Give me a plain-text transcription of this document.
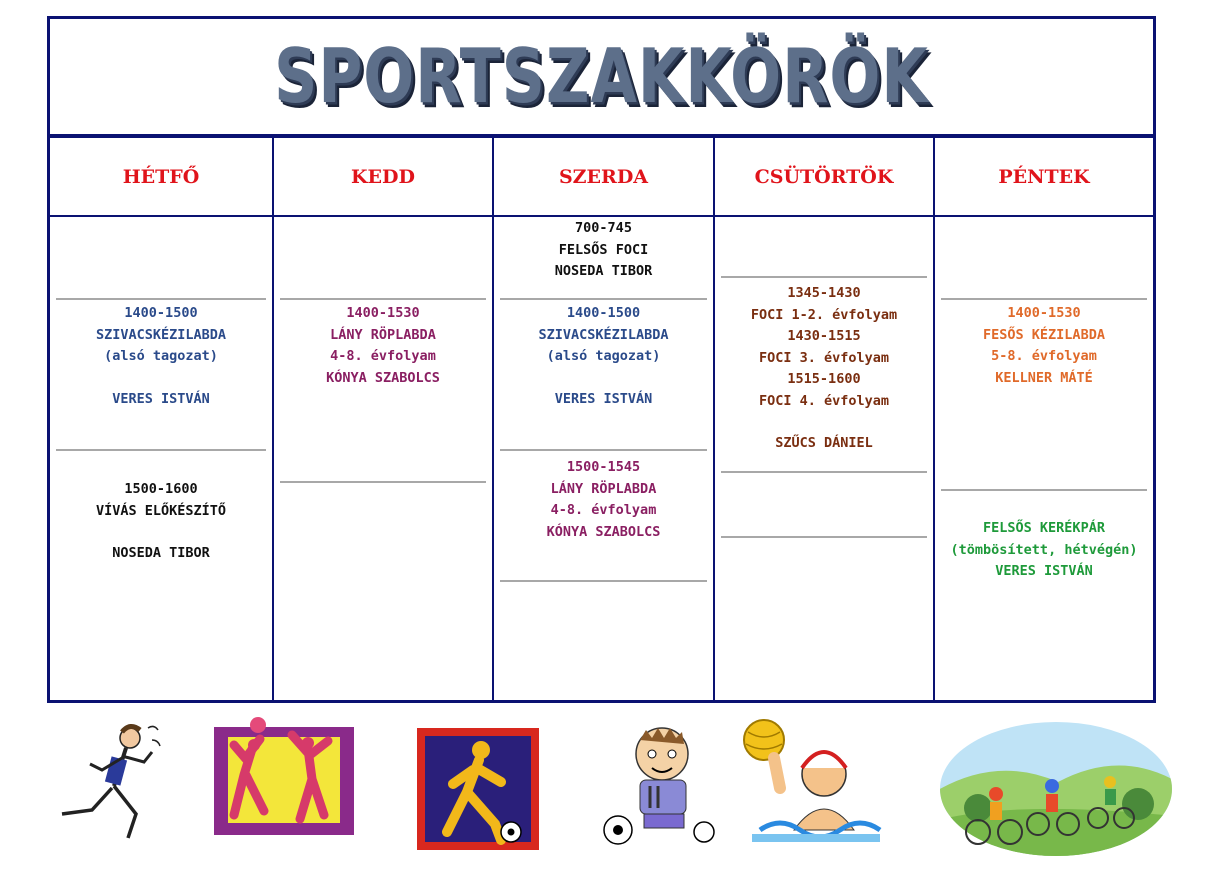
SPORTSZAKKÖRÖK
HÉTFŐ
1400-1500
SZIVACSKÉZILABDA
(alsó tagozat)
VERES ISTVÁN
1500-1600
VÍVÁS ELŐKÉSZÍTŐ
NOSEDA TIBOR
KEDD
1400-1530
LÁNY RÖPLABDA
4-8. évfolyam
KÓNYA SZABOLCS
SZERDA
700-745
FELSŐS FOCI
NOSEDA TIBOR
1400-1500
SZIVACSKÉZILABDA
(alsó tagozat)
VERES ISTVÁN
1500-1545
LÁNY RÖPLABDA
4-8. évfolyam
KÓNYA SZABOLCS
CSÜTÖRTÖK
1345-1430
FOCI 1-2. évfolyam
1430-1515
FOCI 3. évfolyam
1515-1600
FOCI 4. évfolyam
SZŰCS DÁNIEL
PÉNTEK
1400-1530
FESŐS KÉZILABDA
5-8. évfolyam
KELLNER MÁTÉ
FELSŐS KERÉKPÁR
(tömbösített, hétvégén)
VERES ISTVÁN
